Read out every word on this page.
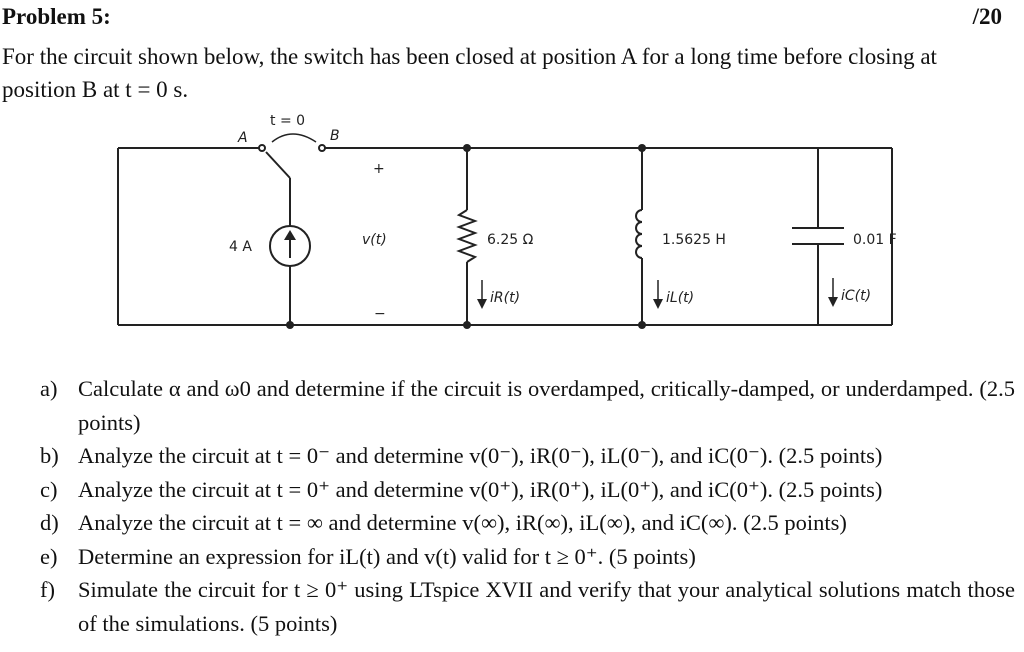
Problem 5:	/20
For the circuit shown below, the switch has been closed at position A for a long time before closing at position B at t = 0 s.
t = 0
A	B
4 A
+
v(t)
−
6.25 Ω	1.5625 H	0.01 F
iR(t)	iL(t)	iC(t)
a) Calculate α and ω0 and determine if the circuit is overdamped, critically-damped, or underdamped. (2.5 points)
b) Analyze the circuit at t = 0⁻ and determine v(0⁻), iR(0⁻), iL(0⁻), and iC(0⁻). (2.5 points)
c) Analyze the circuit at t = 0⁺ and determine v(0⁺), iR(0⁺), iL(0⁺), and iC(0⁺). (2.5 points)
d) Analyze the circuit at t = ∞ and determine v(∞), iR(∞), iL(∞), and iC(∞). (2.5 points)
e) Determine an expression for iL(t) and v(t) valid for t ≥ 0⁺. (5 points)
f) Simulate the circuit for t ≥ 0⁺ using LTspice XVII and verify that your analytical solutions match those of the simulations. (5 points)
